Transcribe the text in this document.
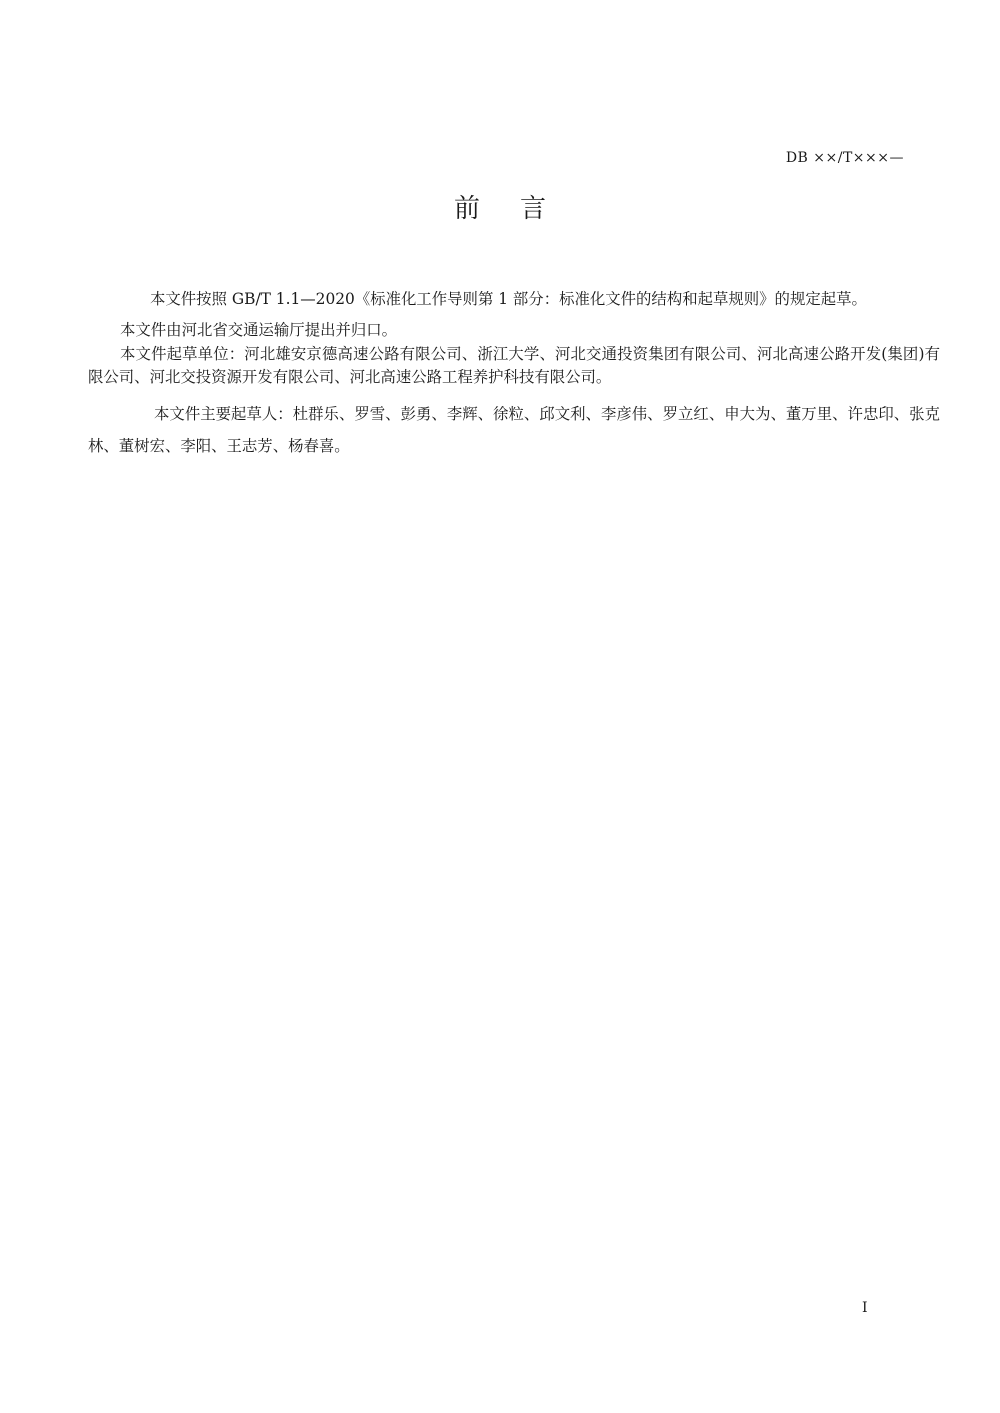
DB ××/T×××—
前言

本文件按照 GB/T 1.1—2020《标准化工作导则第 1 部分：标准化文件的结构和起草规则》的规定起草。

本文件由河北省交通运输厅提出并归口。

本文件起草单位：河北雄安京德高速公路有限公司、浙江大学、河北交通投资集团有限公司、河北高速公路开发(集团)有限公司、河北交投资源开发有限公司、河北高速公路工程养护科技有限公司。

本文件主要起草人：杜群乐、罗雪、彭勇、李辉、徐粒、邱文利、李彦伟、罗立红、申大为、董万里、许忠印、张克林、董树宏、李阳、王志芳、杨春喜。

I
